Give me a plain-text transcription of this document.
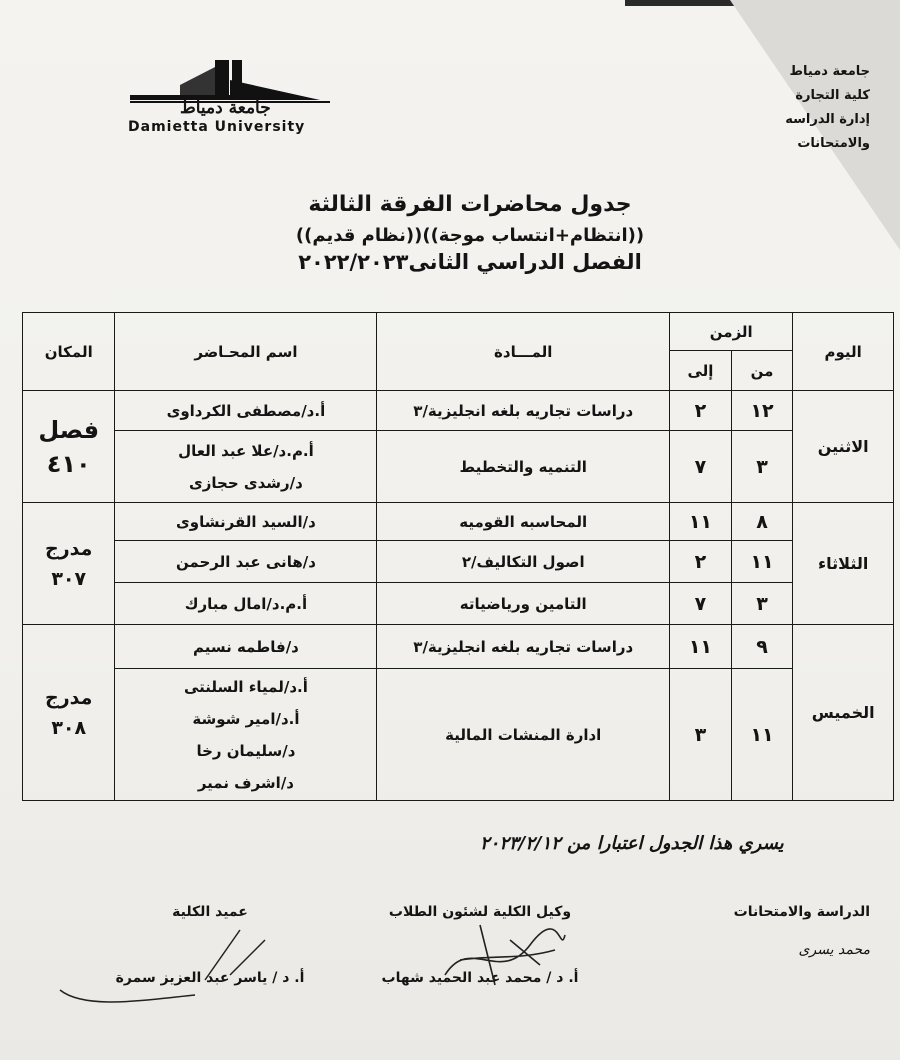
جامعة دمياط
Damietta University
جامعة دمياط
كلية التجارة
إدارة الدراسه والامتحانات
جدول محاضرات الفرقة الثالثة
((انتظام+انتساب موجة))((نظام قديم))
الفصل الدراسي الثانى٢٠٢٢/٢٠٢٣
اليوم	الزمن		المـــادة	اسم المحـاضر	المكان
	من	إلى			
الاثنين	١٢	٢	دراسات تجاريه بلغه انجليزية/٣	أ.د/مصطفى الكرداوى	فصل
٤١٠

	٣	٧	التنميه والتخطيط	أ.م.د/علا عبد العال
د/رشدى حجازى	

الثلاثاء	٨	١١	المحاسبه القوميه	د/السيد القرنشاوى	مدرج
٣٠٧

	١١	٢	اصول التكاليف/٢	د/هانى عبد الرحمن	
	٣	٧	التامين ورياضياته	أ.م.د/امال مبارك	
الخميس	٩	١١	دراسات تجاريه بلغه انجليزية/٣	د/فاطمه نسيم	مدرج
٣٠٨

	١١	٣	ادارة المنشات المالية	أ.د/لمياء السلنتى
أ.د/امير شوشة
د/سليمان رخا
د/اشرف نمير	
يسري هذا الجدول اعتبارا من ٢٠٢٣/٢/١٢
الدراسة والامتحانات
محمد يسرى
وكيل الكلية لشئون الطلاب
أ. د / محمد عبد الحميد شهاب
عميد الكلية
أ. د / ياسر عبد العزيز سمرة
